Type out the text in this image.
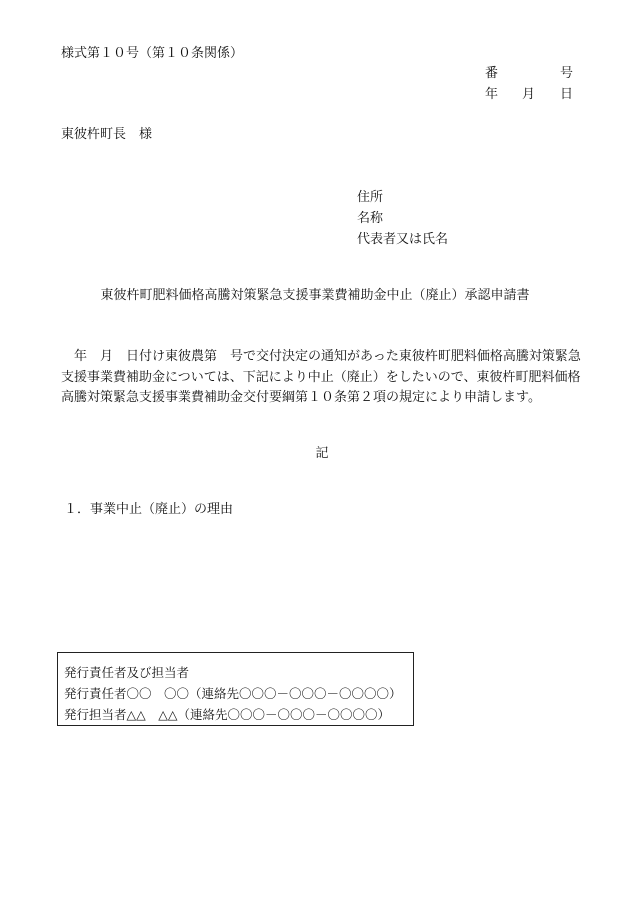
様式第１０号（第１０条関係）
番	号
年 月 日
東彼杵町長　様
住所
名称
代表者又は氏名
東彼杵町肥料価格高騰対策緊急支援事業費補助金中止（廃止）承認申請書
年　月　日付け東彼農第　号で交付決定の通知があった東彼杵町肥料価格高騰対策緊急支援事業費補助金については、下記により中止（廃止）をしたいので、東彼杵町肥料価格高騰対策緊急支援事業費補助金交付要綱第１０条第２項の規定により申請します。
記
１．事業中止（廃止）の理由
発行責任者及び担当者
発行責任者〇〇　〇〇（連絡先〇〇〇－〇〇〇－〇〇〇〇）
発行担当者△△　△△（連絡先〇〇〇－〇〇〇－〇〇〇〇）
